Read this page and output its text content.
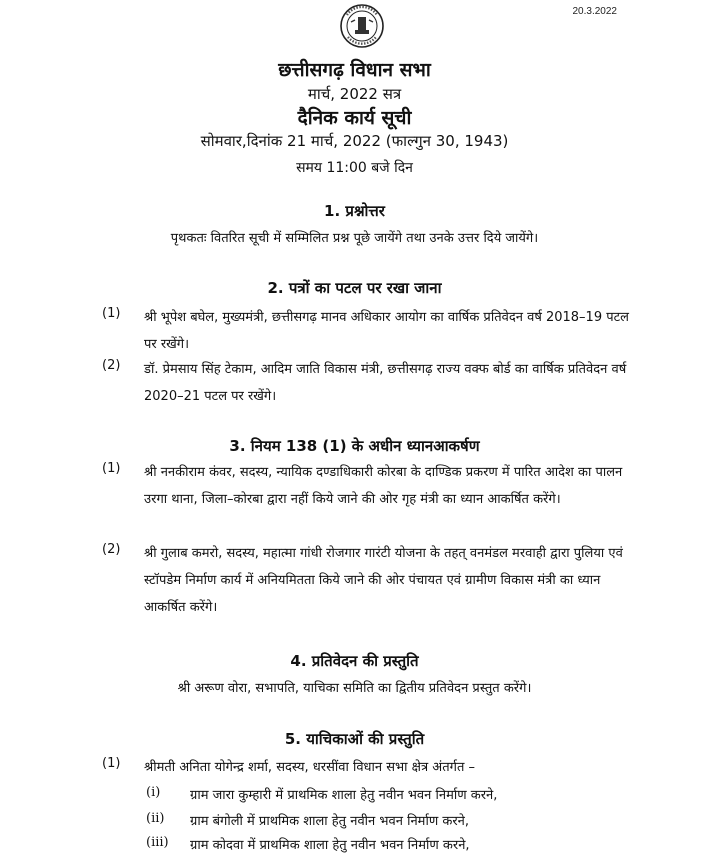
20.3.2022
छत्तीसगढ़ विधान सभा
मार्च, 2022 सत्र
दैनिक कार्य सूची
सोमवार,दिनांक 21 मार्च, 2022 (फाल्गुन 30, 1943)
समय 11:00 बजे दिन
1. प्रश्नोत्तर
पृथकतः वितरित सूची में सम्मिलित प्रश्न पूछे जायेंगे तथा उनके उत्तर दिये जायेंगे।
2. पत्रों का पटल पर रखा जाना
(1) श्री भूपेश बघेल, मुख्यमंत्री, छत्तीसगढ़ मानव अधिकार आयोग का वार्षिक प्रतिवेदन वर्ष 2018–19 पटल पर रखेंगे।
(2) डॉ. प्रेमसाय सिंह टेकाम, आदिम जाति विकास मंत्री, छत्तीसगढ़ राज्य वक्फ बोर्ड का वार्षिक प्रतिवेदन वर्ष 2020–21 पटल पर रखेंगे।
3. नियम 138 (1) के अधीन ध्यानआकर्षण
(1) श्री ननकीराम कंवर, सदस्य, न्यायिक दण्डाधिकारी कोरबा के दाण्डिक प्रकरण में पारित आदेश का पालन उरगा थाना, जिला–कोरबा द्वारा नहीं किये जाने की ओर गृह मंत्री का ध्यान आकर्षित करेंगे।
(2) श्री गुलाब कमरो, सदस्य, महात्मा गांधी रोजगार गारंटी योजना के तहत् वनमंडल मरवाही द्वारा पुलिया एवं स्टॉपडेम निर्माण कार्य में अनियमितता किये जाने की ओर पंचायत एवं ग्रामीण विकास मंत्री का ध्यान आकर्षित करेंगे।
4. प्रतिवेदन की प्रस्तुति
श्री अरूण वोरा, सभापति, याचिका समिति का द्वितीय प्रतिवेदन प्रस्तुत करेंगे।
5. याचिकाओं की प्रस्तुति
(1) श्रीमती अनिता योगेन्द्र शर्मा, सदस्य, धरसींवा विधान सभा क्षेत्र अंतर्गत –
(i) ग्राम जारा कुम्हारी में प्राथमिक शाला हेतु नवीन भवन निर्माण करने,
(ii) ग्राम बंगोली में प्राथमिक शाला हेतु नवीन भवन निर्माण करने,
(iii) ग्राम कोदवा में प्राथमिक शाला हेतु नवीन भवन निर्माण करने,
